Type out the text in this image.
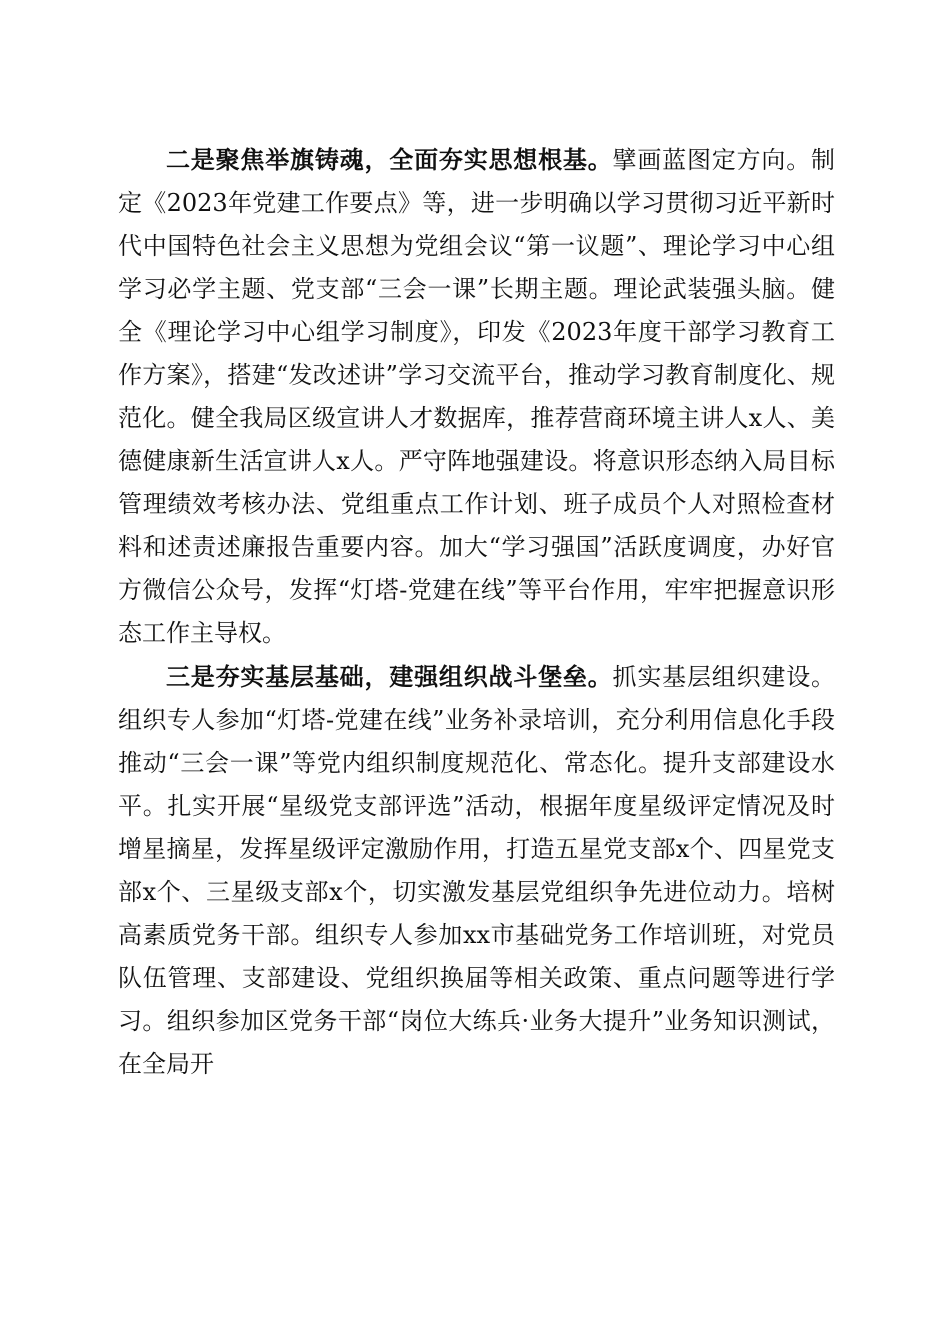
二是聚焦举旗铸魂，全面夯实思想根基。擘画蓝图定方向。制定《2023年党建工作要点》等，进一步明确以学习贯彻习近平新时代中国特色社会主义思想为党组会议“第一议题”、理论学习中心组学习必学主题、党支部“三会一课”长期主题。理论武装强头脑。健全《理论学习中心组学习制度》，印发《2023年度干部学习教育工作方案》，搭建“发改述讲”学习交流平台，推动学习教育制度化、规范化。健全我局区级宣讲人才数据库，推荐营商环境主讲人x人、美德健康新生活宣讲人x人。严守阵地强建设。将意识形态纳入局目标管理绩效考核办法、党组重点工作计划、班子成员个人对照检查材料和述责述廉报告重要内容。加大“学习强国”活跃度调度，办好官方微信公众号，发挥“灯塔-党建在线”等平台作用，牢牢把握意识形态工作主导权。

三是夯实基层基础，建强组织战斗堡垒。抓实基层组织建设。组织专人参加“灯塔-党建在线”业务补录培训，充分利用信息化手段推动“三会一课”等党内组织制度规范化、常态化。提升支部建设水平。扎实开展“星级党支部评选”活动，根据年度星级评定情况及时增星摘星，发挥星级评定激励作用，打造五星党支部x个、四星党支部x个、三星级支部x个，切实激发基层党组织争先进位动力。培树高素质党务干部。组织专人参加xx市基础党务工作培训班，对党员队伍管理、支部建设、党组织换届等相关政策、重点问题等进行学习。组织参加区党务干部“岗位大练兵·业务大提升”业务知识测试，在全局开
